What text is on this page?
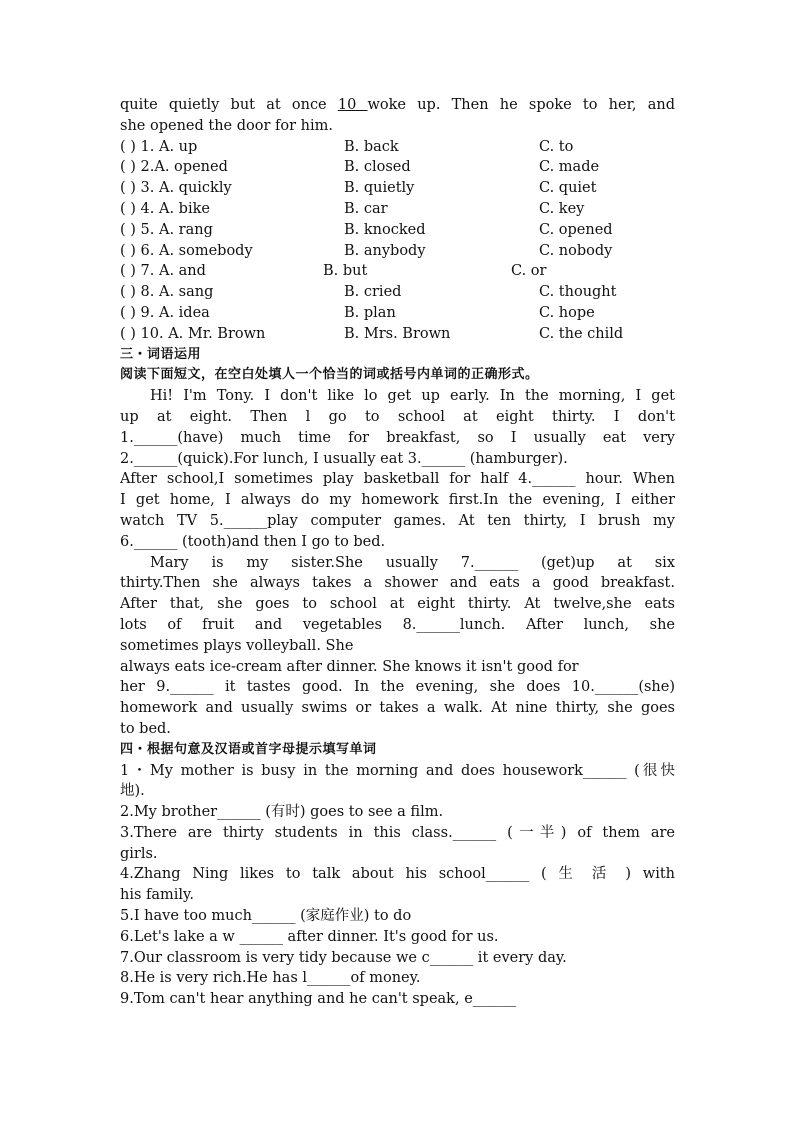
quite quietly but at once 10 woke up. Then he spoke to her, and
she opened the door for him.
( ) 1. A. up	B. back	C. to
( ) 2.A. opened	B. closed	C. made
( ) 3. A. quickly	B. quietly	C. quiet
( ) 4. A. bike	B. car	C. key
( ) 5. A. rang	B. knocked	C. opened
( ) 6. A. somebody	B. anybody	C. nobody
( ) 7. A. and	B. but	C. or
( ) 8. A. sang	B. cried	C. thought
( ) 9. A. idea	B. plan	C. hope
( ) 10. A. Mr. Brown	B. Mrs. Brown	C. the child
三・词语运用
阅读下面短文，在空白处填人一个恰当的词或括号内单词的正确形式。
Hi! I'm Tony. I don't like lo get up early. In the morning, I get
up at eight. Then l go to school at eight thirty. I don't
1.______(have) much time for breakfast, so I usually eat very
2.______(quick).For lunch, I usually eat 3.______ (hamburger).
After school,I sometimes play basketball for half 4.______ hour. When
I get home, I always do my homework first.In the evening, I either
watch TV 5.______play computer games. At ten thirty, I brush my
6.______ (tooth)and then I go to bed.
Mary is my sister.She usually 7.______ (get)up at six
thirty.Then she always takes a shower and eats a good breakfast.
After that, she goes to school at eight thirty. At twelve,she eats
lots of fruit and vegetables 8.______lunch. After lunch, she
sometimes plays volleyball. She
always eats ice-cream after dinner. She knows it isn't good for
her 9.______ it tastes good. In the evening, she does 10.______(she)
homework and usually swims or takes a walk. At nine thirty, she goes
to bed.
四・根据句意及汉语或首字母提示填写单词
1・My mother is busy in the morning and does housework______ (很快
地).
2.My brother______ (有时) goes to see a film.
3.There are thirty students in this class.______ (一半) of them are
girls.
4.Zhang Ning likes to talk about his school______ ( 生 活 ) with
his family.
5.I have too much______ (家庭作业) to do
6.Let's lake a w ______ after dinner. It's good for us.
7.Our classroom is very tidy because we c______ it every day.
8.He is very rich.He has l______of money.
9.Tom can't hear anything and he can't speak, e______
